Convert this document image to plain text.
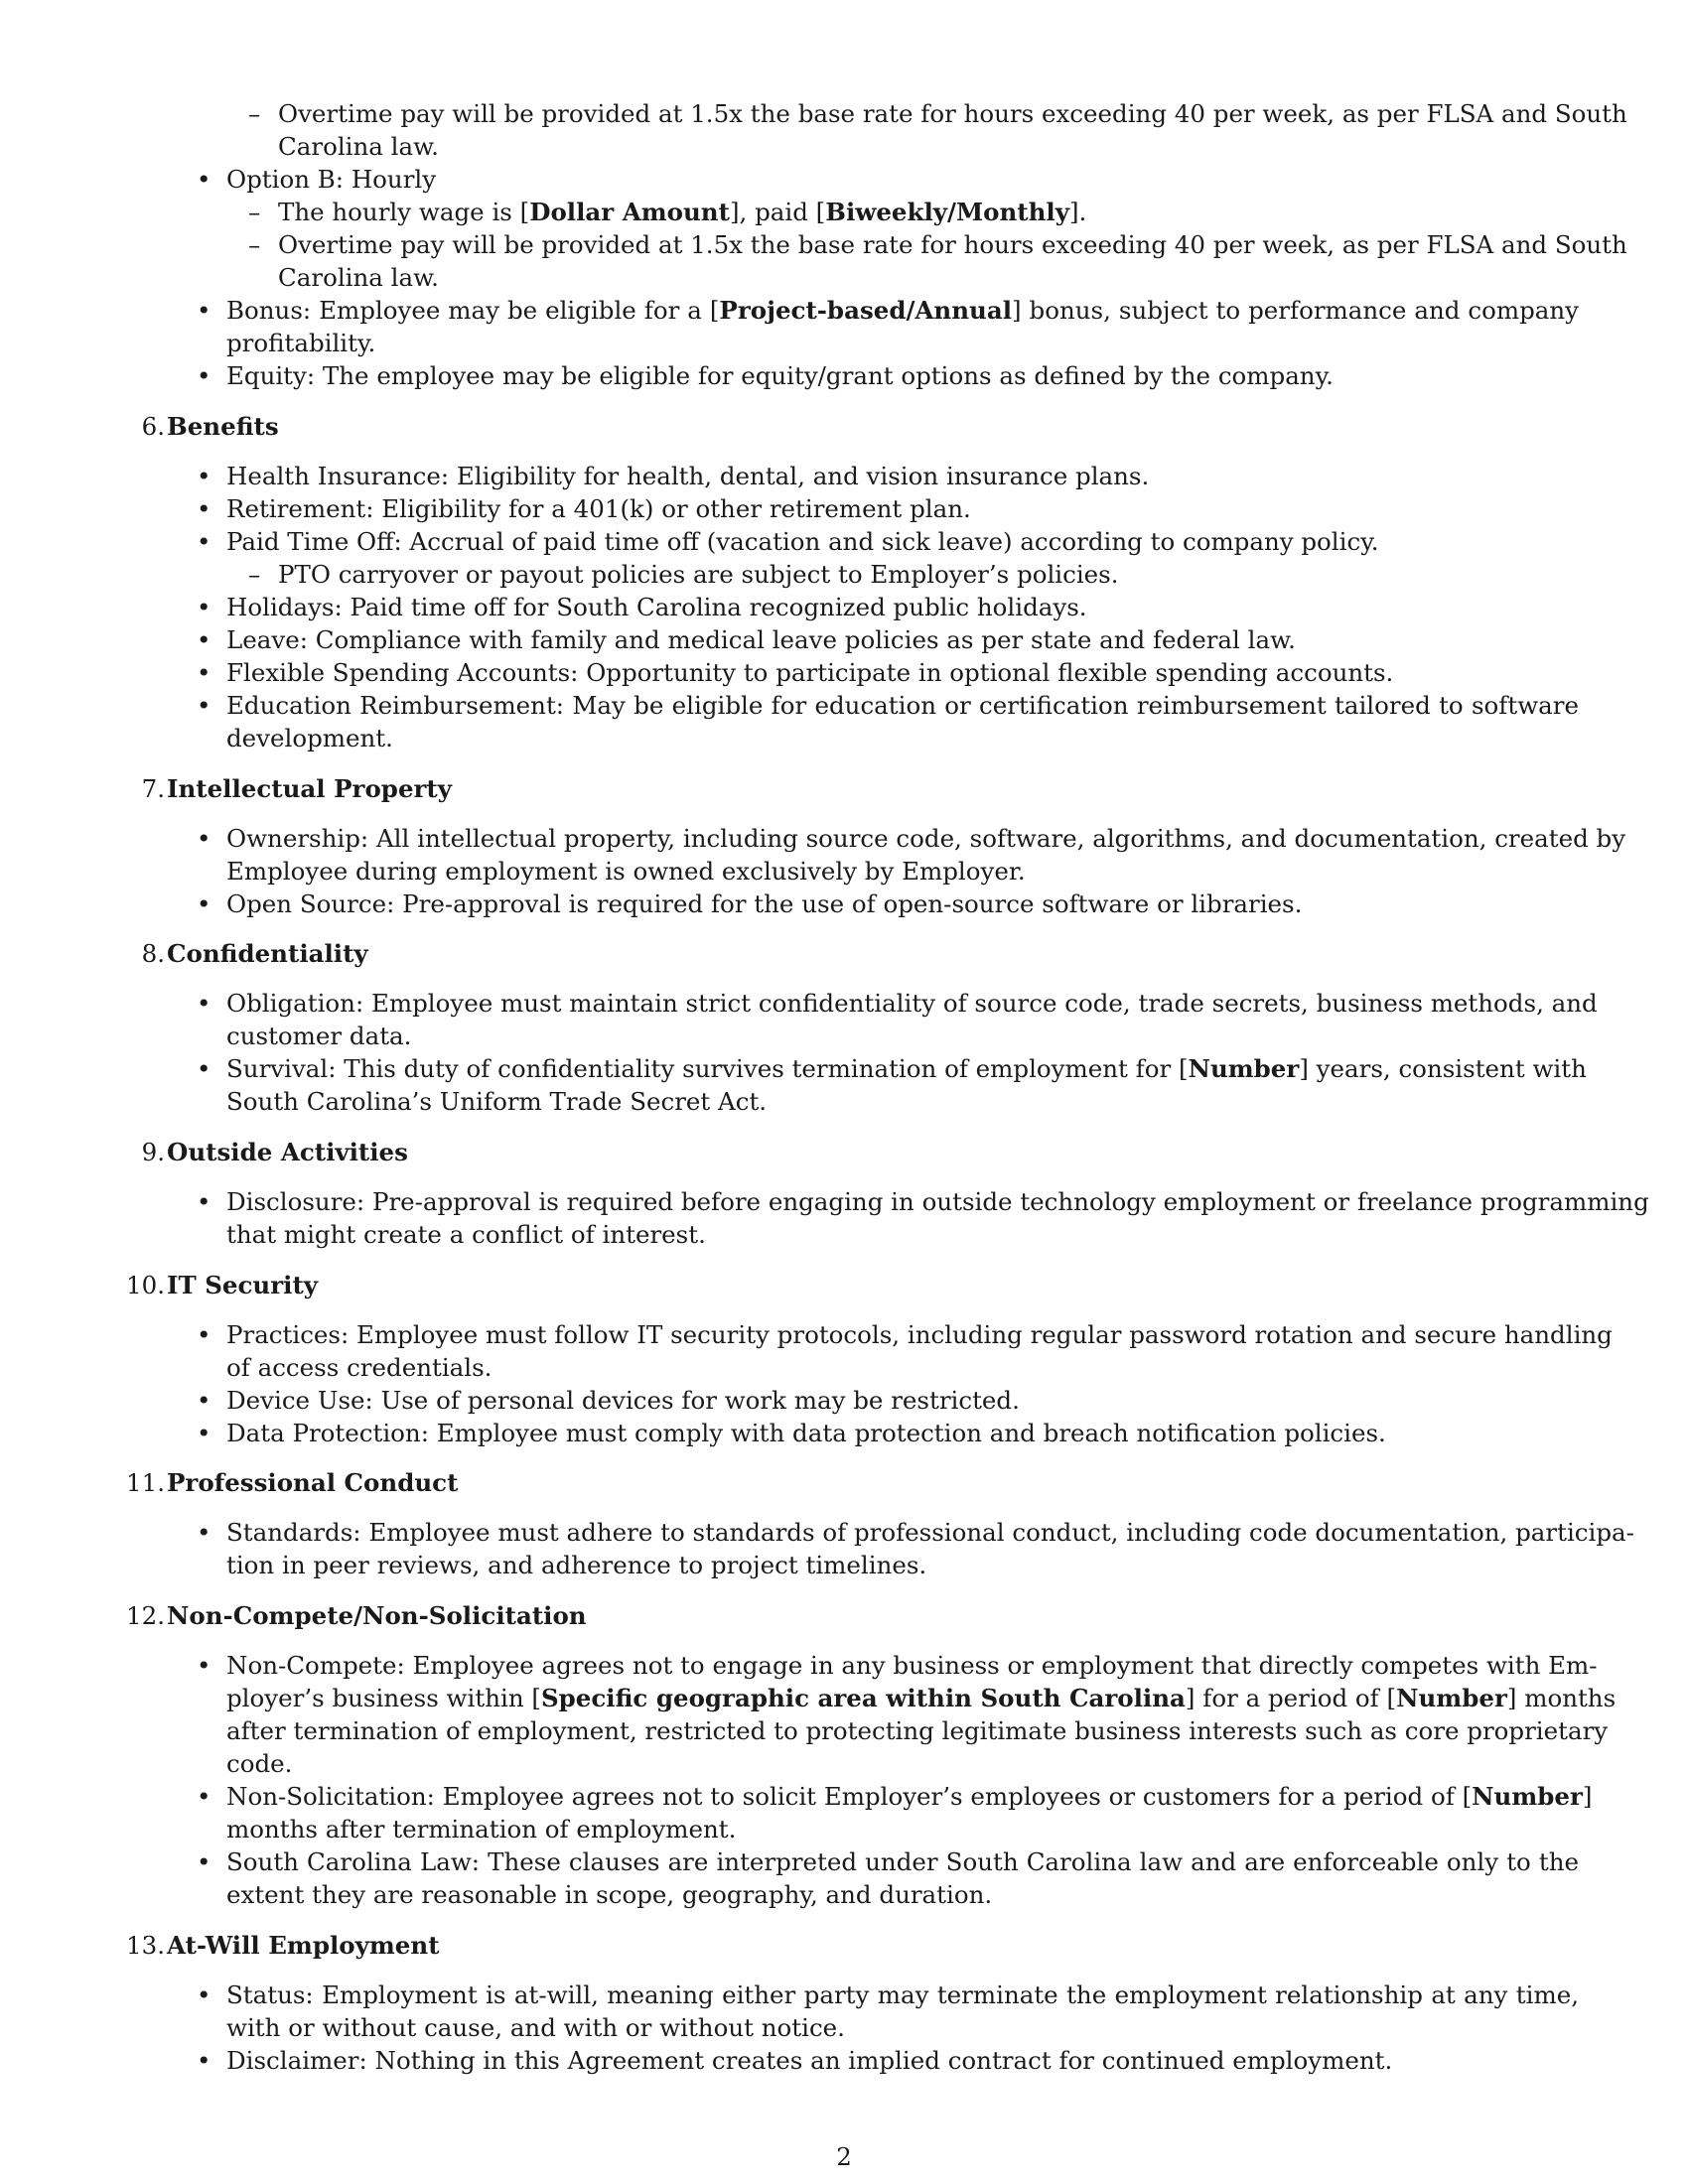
– Overtime pay will be provided at 1.5x the base rate for hours exceeding 40 per week, as per FLSA and South
Carolina law.
• Option B: Hourly
– The hourly wage is [Dollar Amount], paid [Biweekly/Monthly].
– Overtime pay will be provided at 1.5x the base rate for hours exceeding 40 per week, as per FLSA and South
Carolina law.
• Bonus: Employee may be eligible for a [Project-based/Annual] bonus, subject to performance and company
profitability.
• Equity: The employee may be eligible for equity/grant options as defined by the company.
6. Benefits
• Health Insurance: Eligibility for health, dental, and vision insurance plans.
• Retirement: Eligibility for a 401(k) or other retirement plan.
• Paid Time Off: Accrual of paid time off (vacation and sick leave) according to company policy.
– PTO carryover or payout policies are subject to Employer’s policies.
• Holidays: Paid time off for South Carolina recognized public holidays.
• Leave: Compliance with family and medical leave policies as per state and federal law.
• Flexible Spending Accounts: Opportunity to participate in optional flexible spending accounts.
• Education Reimbursement: May be eligible for education or certification reimbursement tailored to software
development.
7. Intellectual Property
• Ownership: All intellectual property, including source code, software, algorithms, and documentation, created by
Employee during employment is owned exclusively by Employer.
• Open Source: Pre-approval is required for the use of open-source software or libraries.
8. Confidentiality
• Obligation: Employee must maintain strict confidentiality of source code, trade secrets, business methods, and
customer data.
• Survival: This duty of confidentiality survives termination of employment for [Number] years, consistent with
South Carolina’s Uniform Trade Secret Act.
9. Outside Activities
• Disclosure: Pre-approval is required before engaging in outside technology employment or freelance programming
that might create a conflict of interest.
10. IT Security
• Practices: Employee must follow IT security protocols, including regular password rotation and secure handling
of access credentials.
• Device Use: Use of personal devices for work may be restricted.
• Data Protection: Employee must comply with data protection and breach notification policies.
11. Professional Conduct
• Standards: Employee must adhere to standards of professional conduct, including code documentation, participa-
tion in peer reviews, and adherence to project timelines.
12. Non-Compete/Non-Solicitation
• Non-Compete: Employee agrees not to engage in any business or employment that directly competes with Em-
ployer’s business within [Specific geographic area within South Carolina] for a period of [Number] months
after termination of employment, restricted to protecting legitimate business interests such as core proprietary
code.
• Non-Solicitation: Employee agrees not to solicit Employer’s employees or customers for a period of [Number]
months after termination of employment.
• South Carolina Law: These clauses are interpreted under South Carolina law and are enforceable only to the
extent they are reasonable in scope, geography, and duration.
13. At-Will Employment
• Status: Employment is at-will, meaning either party may terminate the employment relationship at any time,
with or without cause, and with or without notice.
• Disclaimer: Nothing in this Agreement creates an implied contract for continued employment.
2
